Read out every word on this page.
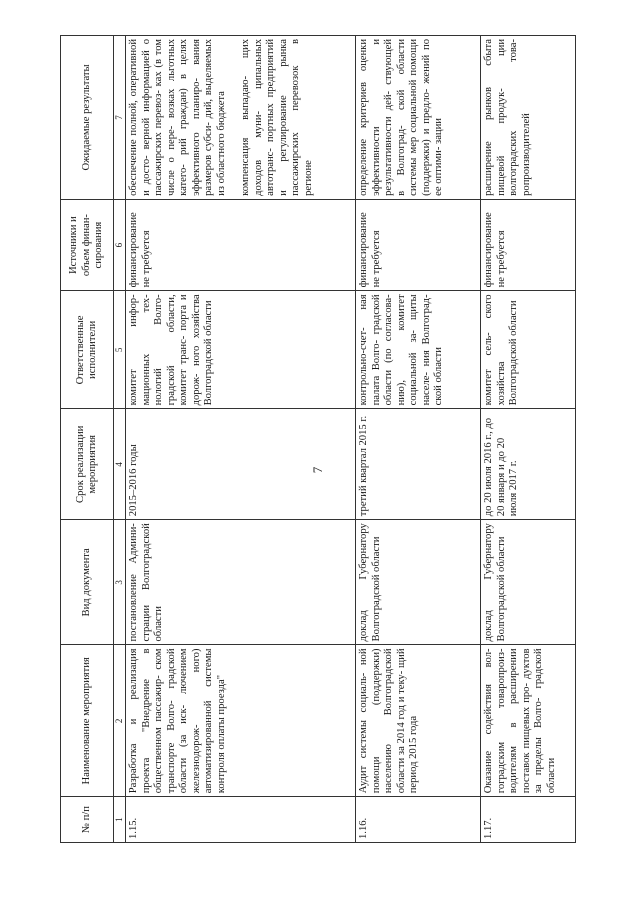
7
№ п/п	Наименование мероприятия	Вид документа	Срок реализации мероприятия	Ответственные исполнители	Источники и объем финан- сирования	Ожидаемые результаты
1	2	3	4	5	6	7
1.15.	Разработка и реализация проекта "Внедрение в общественном пассажир- ском транспорте Волго- градской области (за иск- лючением железнодорож- ного) автоматизированной системы контроля оплаты проезда"	постановление Админи- страции Волгоградской области	2015–2016 годы	комитет инфор- мационных тех- нологий Волго- градской области, комитет транс- порта и дорож- ного хозяйства Волгоградской области	финансирование не требуется	обеспечение полной, оперативной и досто- верной информацией о пассажирских перевоз- ках (в том числе о пере- возках льготных катего- рий граждан) в целях эффективного планиро- вания размеров субси- дий, выделяемых из областного бюджета компенсация выпадаю- щих доходов муни- ципальных автотранс- портных предприятий и регулирование рынка пассажирских перевозок в регионе

1.16.	Аудит системы социаль- ной помощи (поддержки) населению Волгоградской области за 2014 год и теку- щий период 2015 года	доклад Губернатору Волгоградской области	третий квартал 2015 г.	контрольно-счет- ная палата Волго- градской области (по согласова- нию), комитет социальной за- щиты населе- ния Волгоград- ской области	финансирование не требуется	определение критериев оценки эффективности и результативности дей- ствующей в Волгоград- ской области системы мер социальной помощи (поддержки) и предло- жений по ее оптими- зации

1.17.	Оказание содействия вол- гоградским товаропроиз- водителям в расширении поставок пищевых про- дуктов за пределы Волго- градской области	доклад Губернатору Волгоградской области	до 20 июля 2016 г., до 20 января и до 20 июля 2017 г.	комитет сель- ского хозяйства Волгоградской области	финансирование не требуется	расширение рынков сбыта пищевой продук- ции волгоградских това- ропроизводителей
